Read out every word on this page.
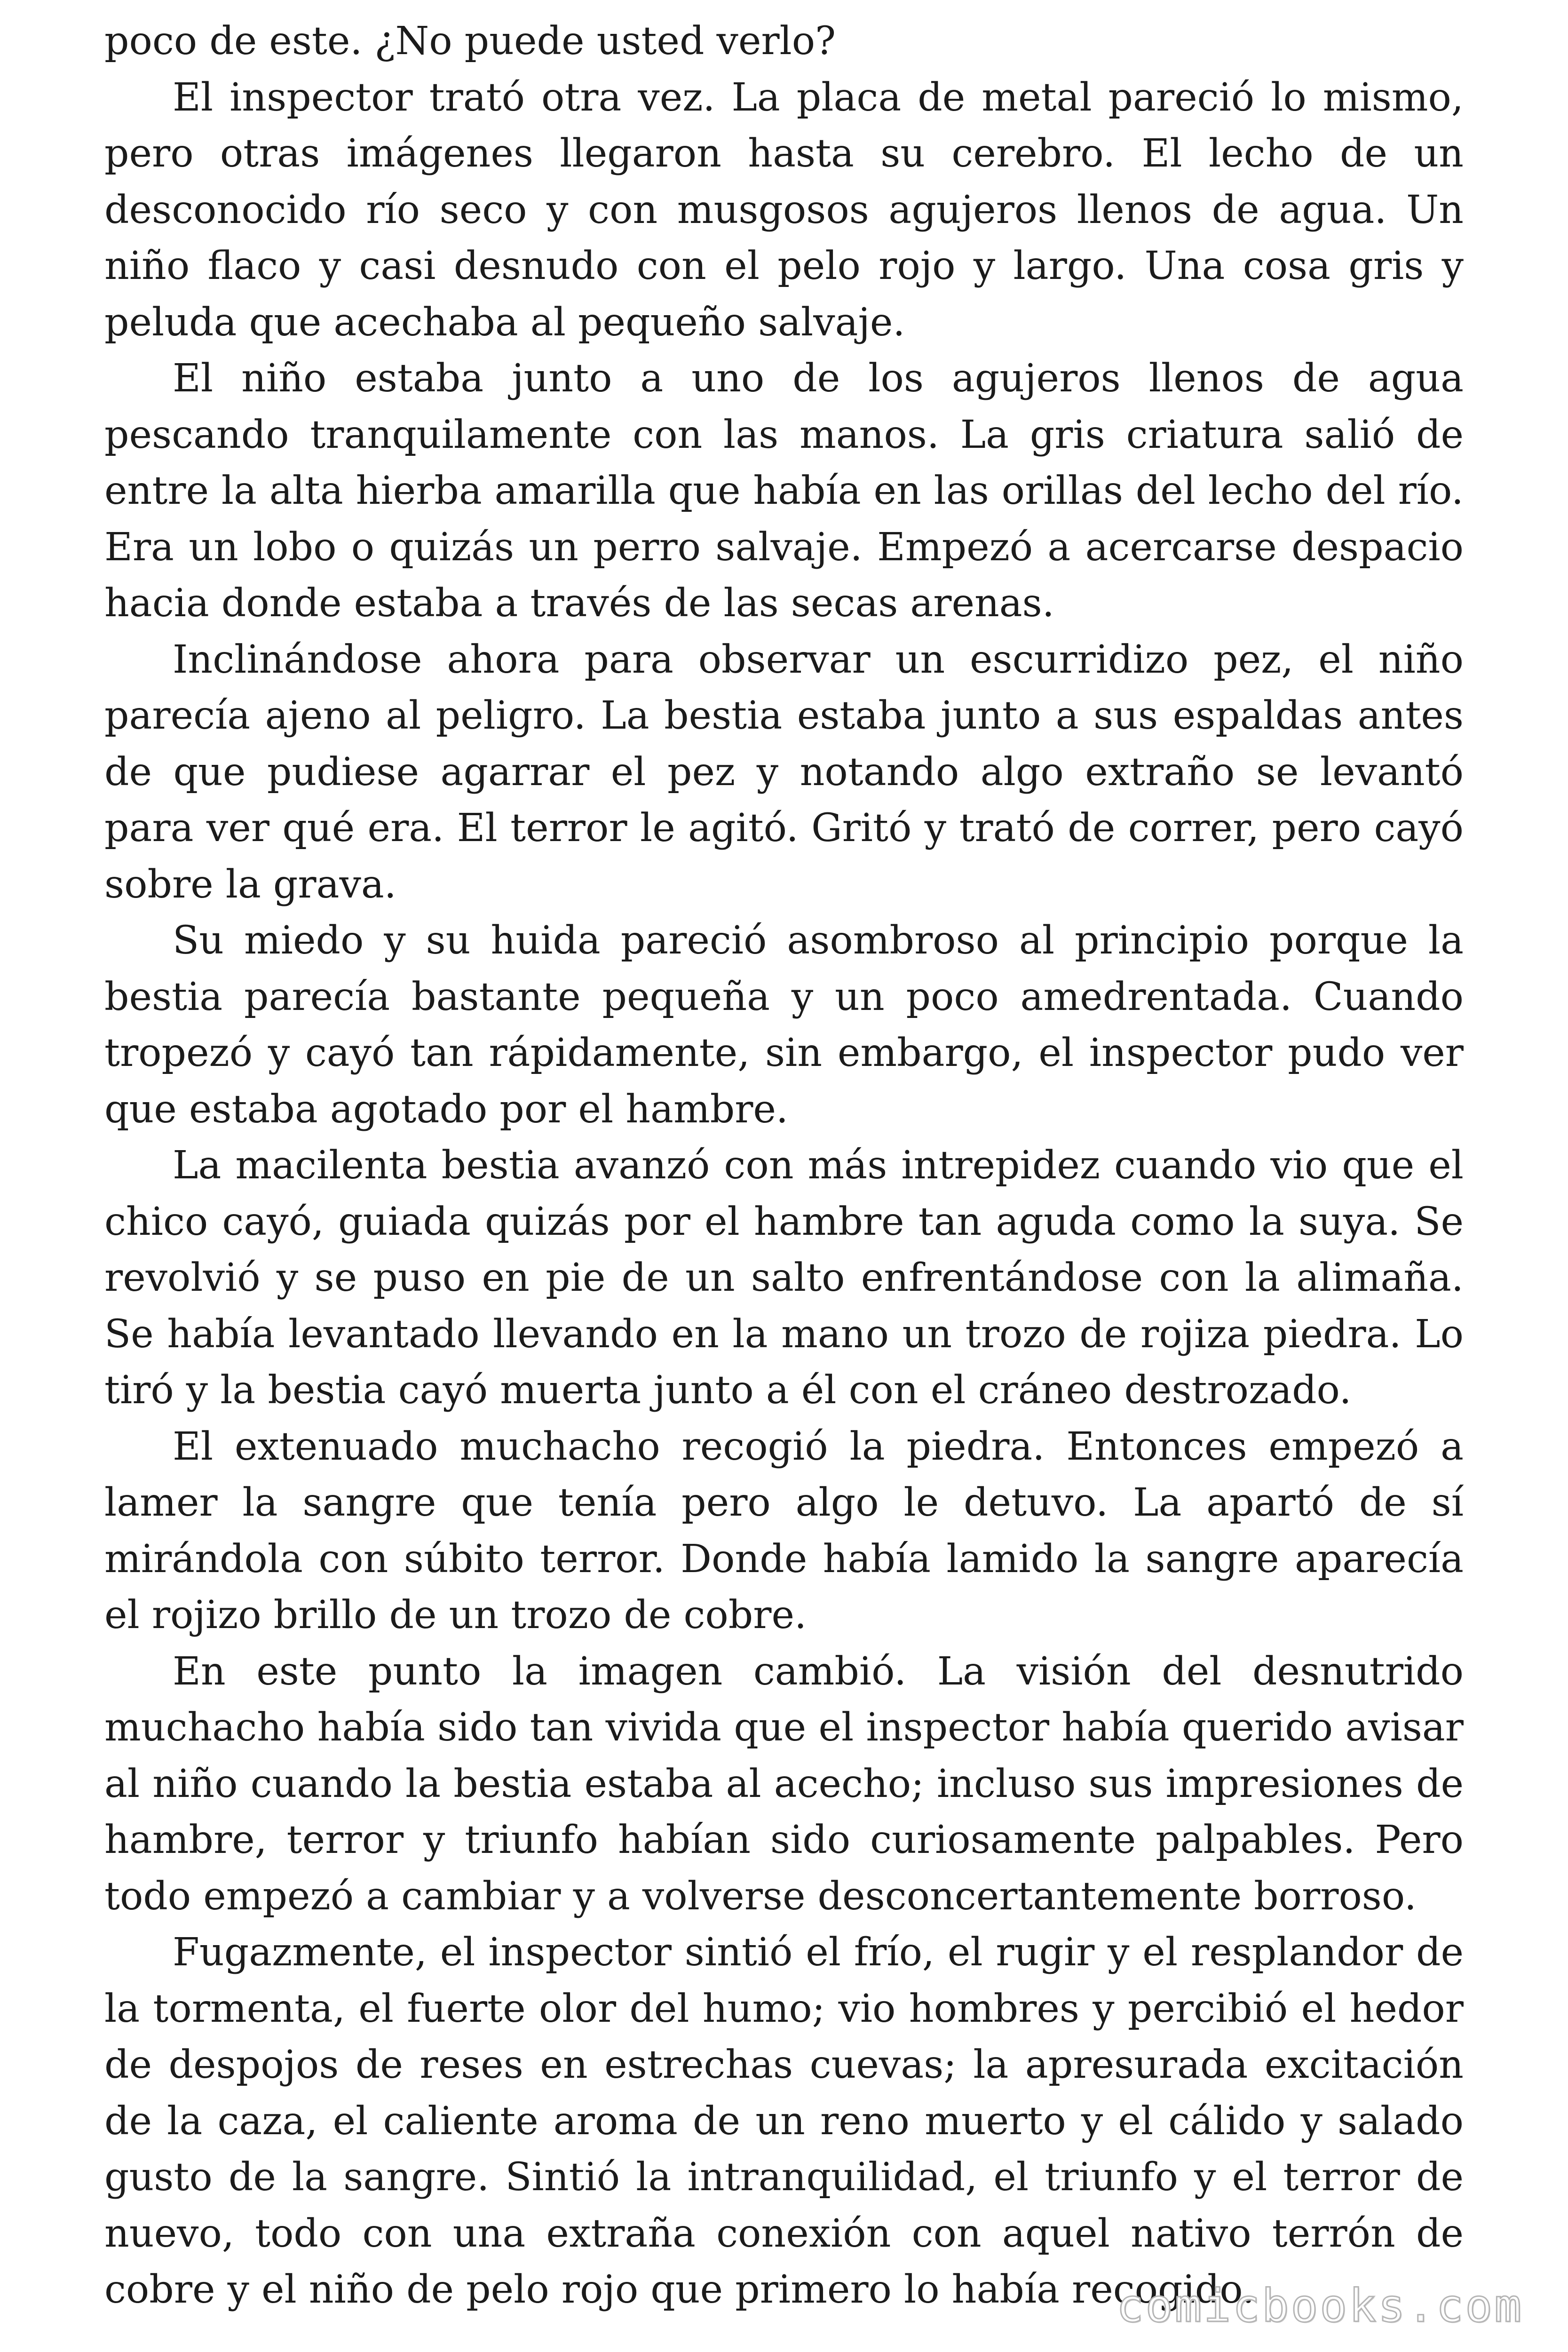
poco de este. ¿No puede usted verlo?

El inspector trató otra vez. La placa de metal pareció lo mismo, pero otras imágenes llegaron hasta su cerebro. El lecho de un desconocido río seco y con musgosos agujeros llenos de agua. Un niño flaco y casi desnudo con el pelo rojo y largo. Una cosa gris y peluda que acechaba al pequeño salvaje.

El niño estaba junto a uno de los agujeros llenos de agua pescando tranquilamente con las manos. La gris criatura salió de entre la alta hierba amarilla que había en las orillas del lecho del río. Era un lobo o quizás un perro salvaje. Empezó a acercarse despacio hacia donde estaba a través de las secas arenas.

Inclinándose ahora para observar un escurridizo pez, el niño parecía ajeno al peligro. La bestia estaba junto a sus espaldas antes de que pudiese agarrar el pez y notando algo extraño se levantó para ver qué era. El terror le agitó. Gritó y trató de correr, pero cayó sobre la grava.

Su miedo y su huida pareció asombroso al principio porque la bestia parecía bastante pequeña y un poco amedrentada. Cuando tropezó y cayó tan rápidamente, sin embargo, el inspector pudo ver que estaba agotado por el hambre.

La macilenta bestia avanzó con más intrepidez cuando vio que el chico cayó, guiada quizás por el hambre tan aguda como la suya. Se revolvió y se puso en pie de un salto enfrentándose con la alimaña. Se había levantado llevando en la mano un trozo de rojiza piedra. Lo tiró y la bestia cayó muerta junto a él con el cráneo destrozado.

El extenuado muchacho recogió la piedra. Entonces empezó a lamer la sangre que tenía pero algo le detuvo. La apartó de sí mirándola con súbito terror. Donde había lamido la sangre aparecía el rojizo brillo de un trozo de cobre.

En este punto la imagen cambió. La visión del desnutrido muchacho había sido tan vivida que el inspector había querido avisar al niño cuando la bestia estaba al acecho; incluso sus impresiones de hambre, terror y triunfo habían sido curiosamente palpables. Pero todo empezó a cambiar y a volverse desconcertantemente borroso.

Fugazmente, el inspector sintió el frío, el rugir y el resplandor de la tormenta, el fuerte olor del humo; vio hombres y percibió el hedor de despojos de reses en estrechas cuevas; la apresurada excitación de la caza, el caliente aroma de un reno muerto y el cálido y salado gusto de la sangre. Sintió la intranquilidad, el triunfo y el terror de nuevo, todo con una extraña conexión con aquel nativo terrón de cobre y el niño de pelo rojo que primero lo había recogido.

comicbooks.com
